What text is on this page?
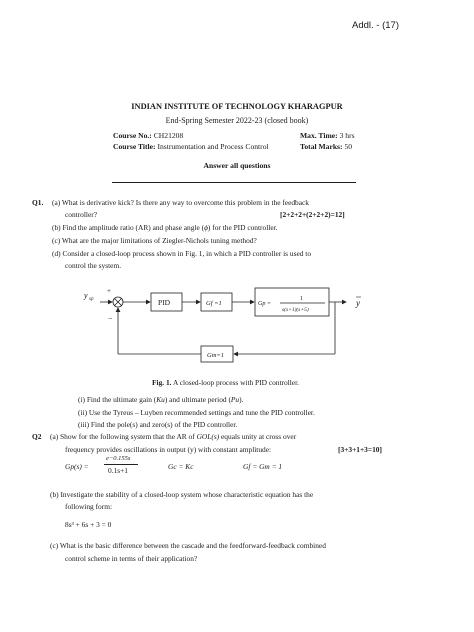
Addl. - (17)
INDIAN INSTITUTE OF TECHNOLOGY KHARAGPUR
End-Spring Semester 2022-23 (closed book)
Course No.: CH21208
Course Title: Instrumentation and Process Control
Max. Time: 3 hrs
Total Marks: 50
Answer all questions
Q1. (a) What is derivative kick? Is there any way to overcome this problem in the feedback
controller?	[2+2+2+(2+2+2)=12]
(b) Find the amplitude ratio (AR) and phase angle (ϕ) for the PID controller.
(c) What are the major limitations of Ziegler-Nichols tuning method?
(d) Consider a closed-loop process shown in Fig. 1, in which a PID controller is used to
control the system.
y sp
+
−
PID	Gf =1	Gp =
1
s(s+1)(s+5)
y
Gm=1
Fig. 1. A closed-loop process with PID controller.
(i) Find the ultimate gain (Ku) and ultimate period (Pu).
(ii) Use the Tyreus – Luyben recommended settings and tune the PID controller.
(iii) Find the pole(s) and zero(s) of the PID controller.
Q2 (a) Show for the following system that the AR of GOL(s) equals unity at cross over
frequency provides oscillations in output (y) with constant amplitude:	[3+3+1+3=10]
Gp(s) =
e−0.155s
0.1s+1	Gc = Kc	Gf = Gm = 1
(b) Investigate the stability of a closed-loop system whose characteristic equation has the
following form:
8s³ + 6s + 3 = 0
(c) What is the basic difference between the cascade and the feedforward-feedback combined
control scheme in terms of their application?
